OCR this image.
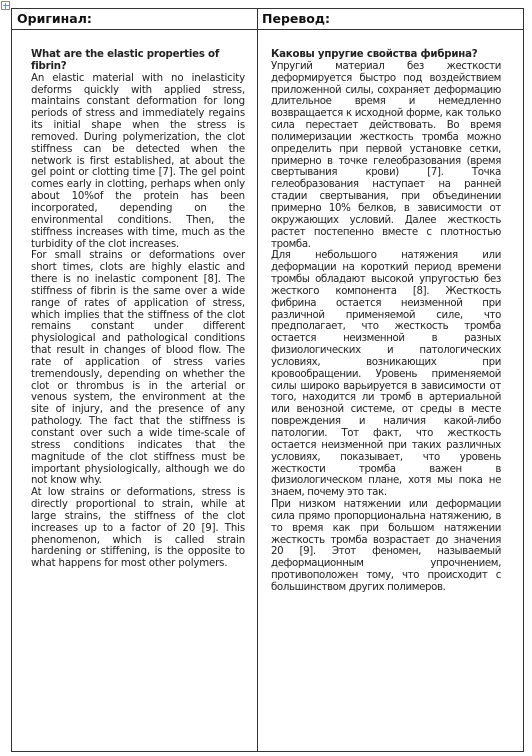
Оригинал:	Перевод:

What are the elastic properties of fibrin?

An elastic material with no inelasticity deforms quickly with applied stress, maintains constant deformation for long periods of stress and immediately regains its initial shape when the stress is removed. During polymerization, the clot stiffness can be detected when the network is first established, at about the gel point or clotting time [7]. The gel point comes early in clotting, perhaps when only about 10%of the protein has been incorporated, depending on the environmental conditions. Then, the stiffness increases with time, much as the turbidity of the clot increases.

For small strains or deformations over short times, clots are highly elastic and there is no inelastic component [8]. The stiffness of fibrin is the same over a wide range of rates of application of stress, which implies that the stiffness of the clot remains constant under different physiological and pathological conditions that result in changes of blood flow. The rate of application of stress varies tremendously, depending on whether the clot or thrombus is in the arterial or venous system, the environment at the site of injury, and the presence of any pathology. The fact that the stiffness is constant over such a wide time-scale of stress conditions indicates that the magnitude of the clot stiffness must be important physiologically, although we do not know why.

At low strains or deformations, stress is directly proportional to strain, while at large strains, the stiffness of the clot increases up to a factor of 20 [9]. This phenomenon, which is called strain hardening or stiffening, is the opposite to what happens for most other polymers.

Каковы упругие свойства фибрина?

Упругий материал без жесткости деформируется быстро под воздействием приложенной силы, сохраняет деформацию длительное время и немедленно возвращается к исходной форме, как только сила перестает действовать. Во время полимеризации жесткость тромба можно определить при первой установке сетки, примерно в точке гелеобразования (время свертывания крови) [7]. Точка гелеобразования наступает на ранней стадии свертывания, при объединении примерно 10% белков, в зависимости от окружающих условий. Далее жесткость растет постепенно вместе с плотностью тромба.

Для небольшого натяжения или деформации на короткий период времени тромбы обладают высокой упругостью без жесткого компонента [8]. Жесткость фибрина остается неизменной при различной применяемой силе, что предполагает, что жесткость тромба остается неизменной в разных физиологических и патологических условиях, возникающих при кровообращении. Уровень применяемой силы широко варьируется в зависимости от того, находится ли тромб в артериальной или венозной системе, от среды в месте повреждения и наличия какой-либо патологии. Тот факт, что жесткость остается неизменной при таких различных условиях, показывает, что уровень жесткости тромба важен в физиологическом плане, хотя мы пока не знаем, почему это так.

При низком натяжении или деформации сила прямо пропорциональна натяжению, в то время как при большом натяжении жесткость тромба возрастает до значения 20 [9]. Этот феномен, называемый деформационным упрочнением, противоположен тому, что происходит с большинством других полимеров.
